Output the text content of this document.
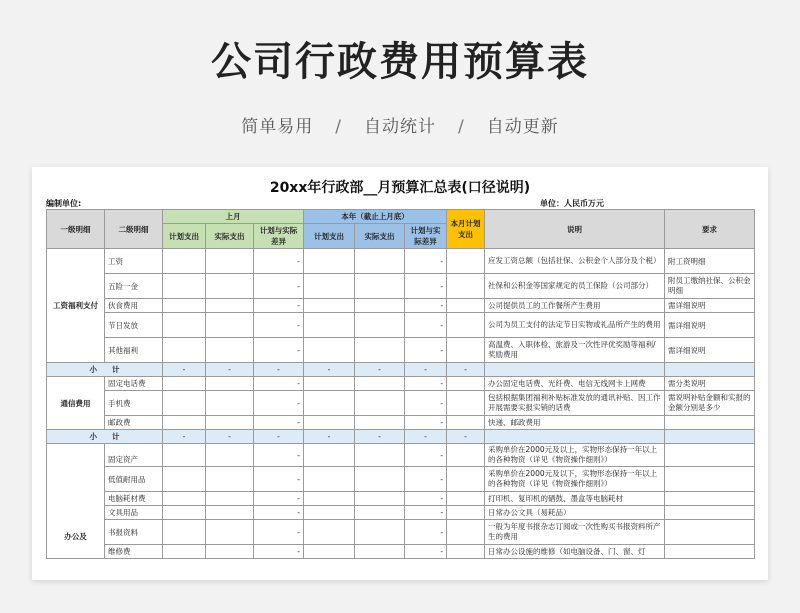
公司行政费用预算表
简单易用 / 自动统计 / 自动更新
20xx年行政部__月预算汇总表(口径说明)
编制单位:	单位：人民币万元
一级明细	二级明细	上月			本年（截止上月底）			本月计划支出	说明	要求
		计划支出	实际支出	计划与实际差异	计划支出	实际支出	计划与实际差异			
工资福利支付	工资			-			-		应发工资总额（包括社保、公积金个人部分及个税）	附工资明细
	五险一金			-			-		社保和公积金等国家规定的员工保险（公司部分）	附员工缴纳社保、公积金明细
	伙食费用			-			-		公司提供员工的工作餐所产生费用	需详细说明
	节日发放			-			-		公司为员工支付的法定节日实物或礼品所产生的费用	需详细说明
	其他福利			-			-		高温费、入职体检、旅游及一次性评优奖励等福利/奖励费用	需详细说明
小　　计		-	-	-	-	-	-	-		
通信费用	固定电话费			-			-		办公固定电话费、光纤费、电信无线网卡上网费	需分类说明
	手机费			-			-		包括根据集团福利补贴标准发放的通讯补贴、因工作开展需要实报实销的话费	需说明补贴金额和实报的金额分别是多少
	邮政费			-			-		快递、邮政费用	
小　　计		-	-	-	-	-	-	-		
办公及	固定资产			-			-		采购单价在2000元及以上，实物形态保持一年以上的各种物资（详见《物资操作细则》）	
	低值耐用品			-			-		采购单价在2000元及以下，实物形态保持一年以上的各种物资（详见《物资操作细则》）	
	电脑耗材费			-			-		打印机、复印机的硒鼓、墨盒等电脑耗材	
	文具用品			-			-		日常办公文具（易耗品）	
	书报资料			-			-		一般为年度书报杂志订阅或一次性购买书报资料所产生的费用	
	维修费			-			-		日常办公设施的维修（如电脑设备、门、窗、灯	
